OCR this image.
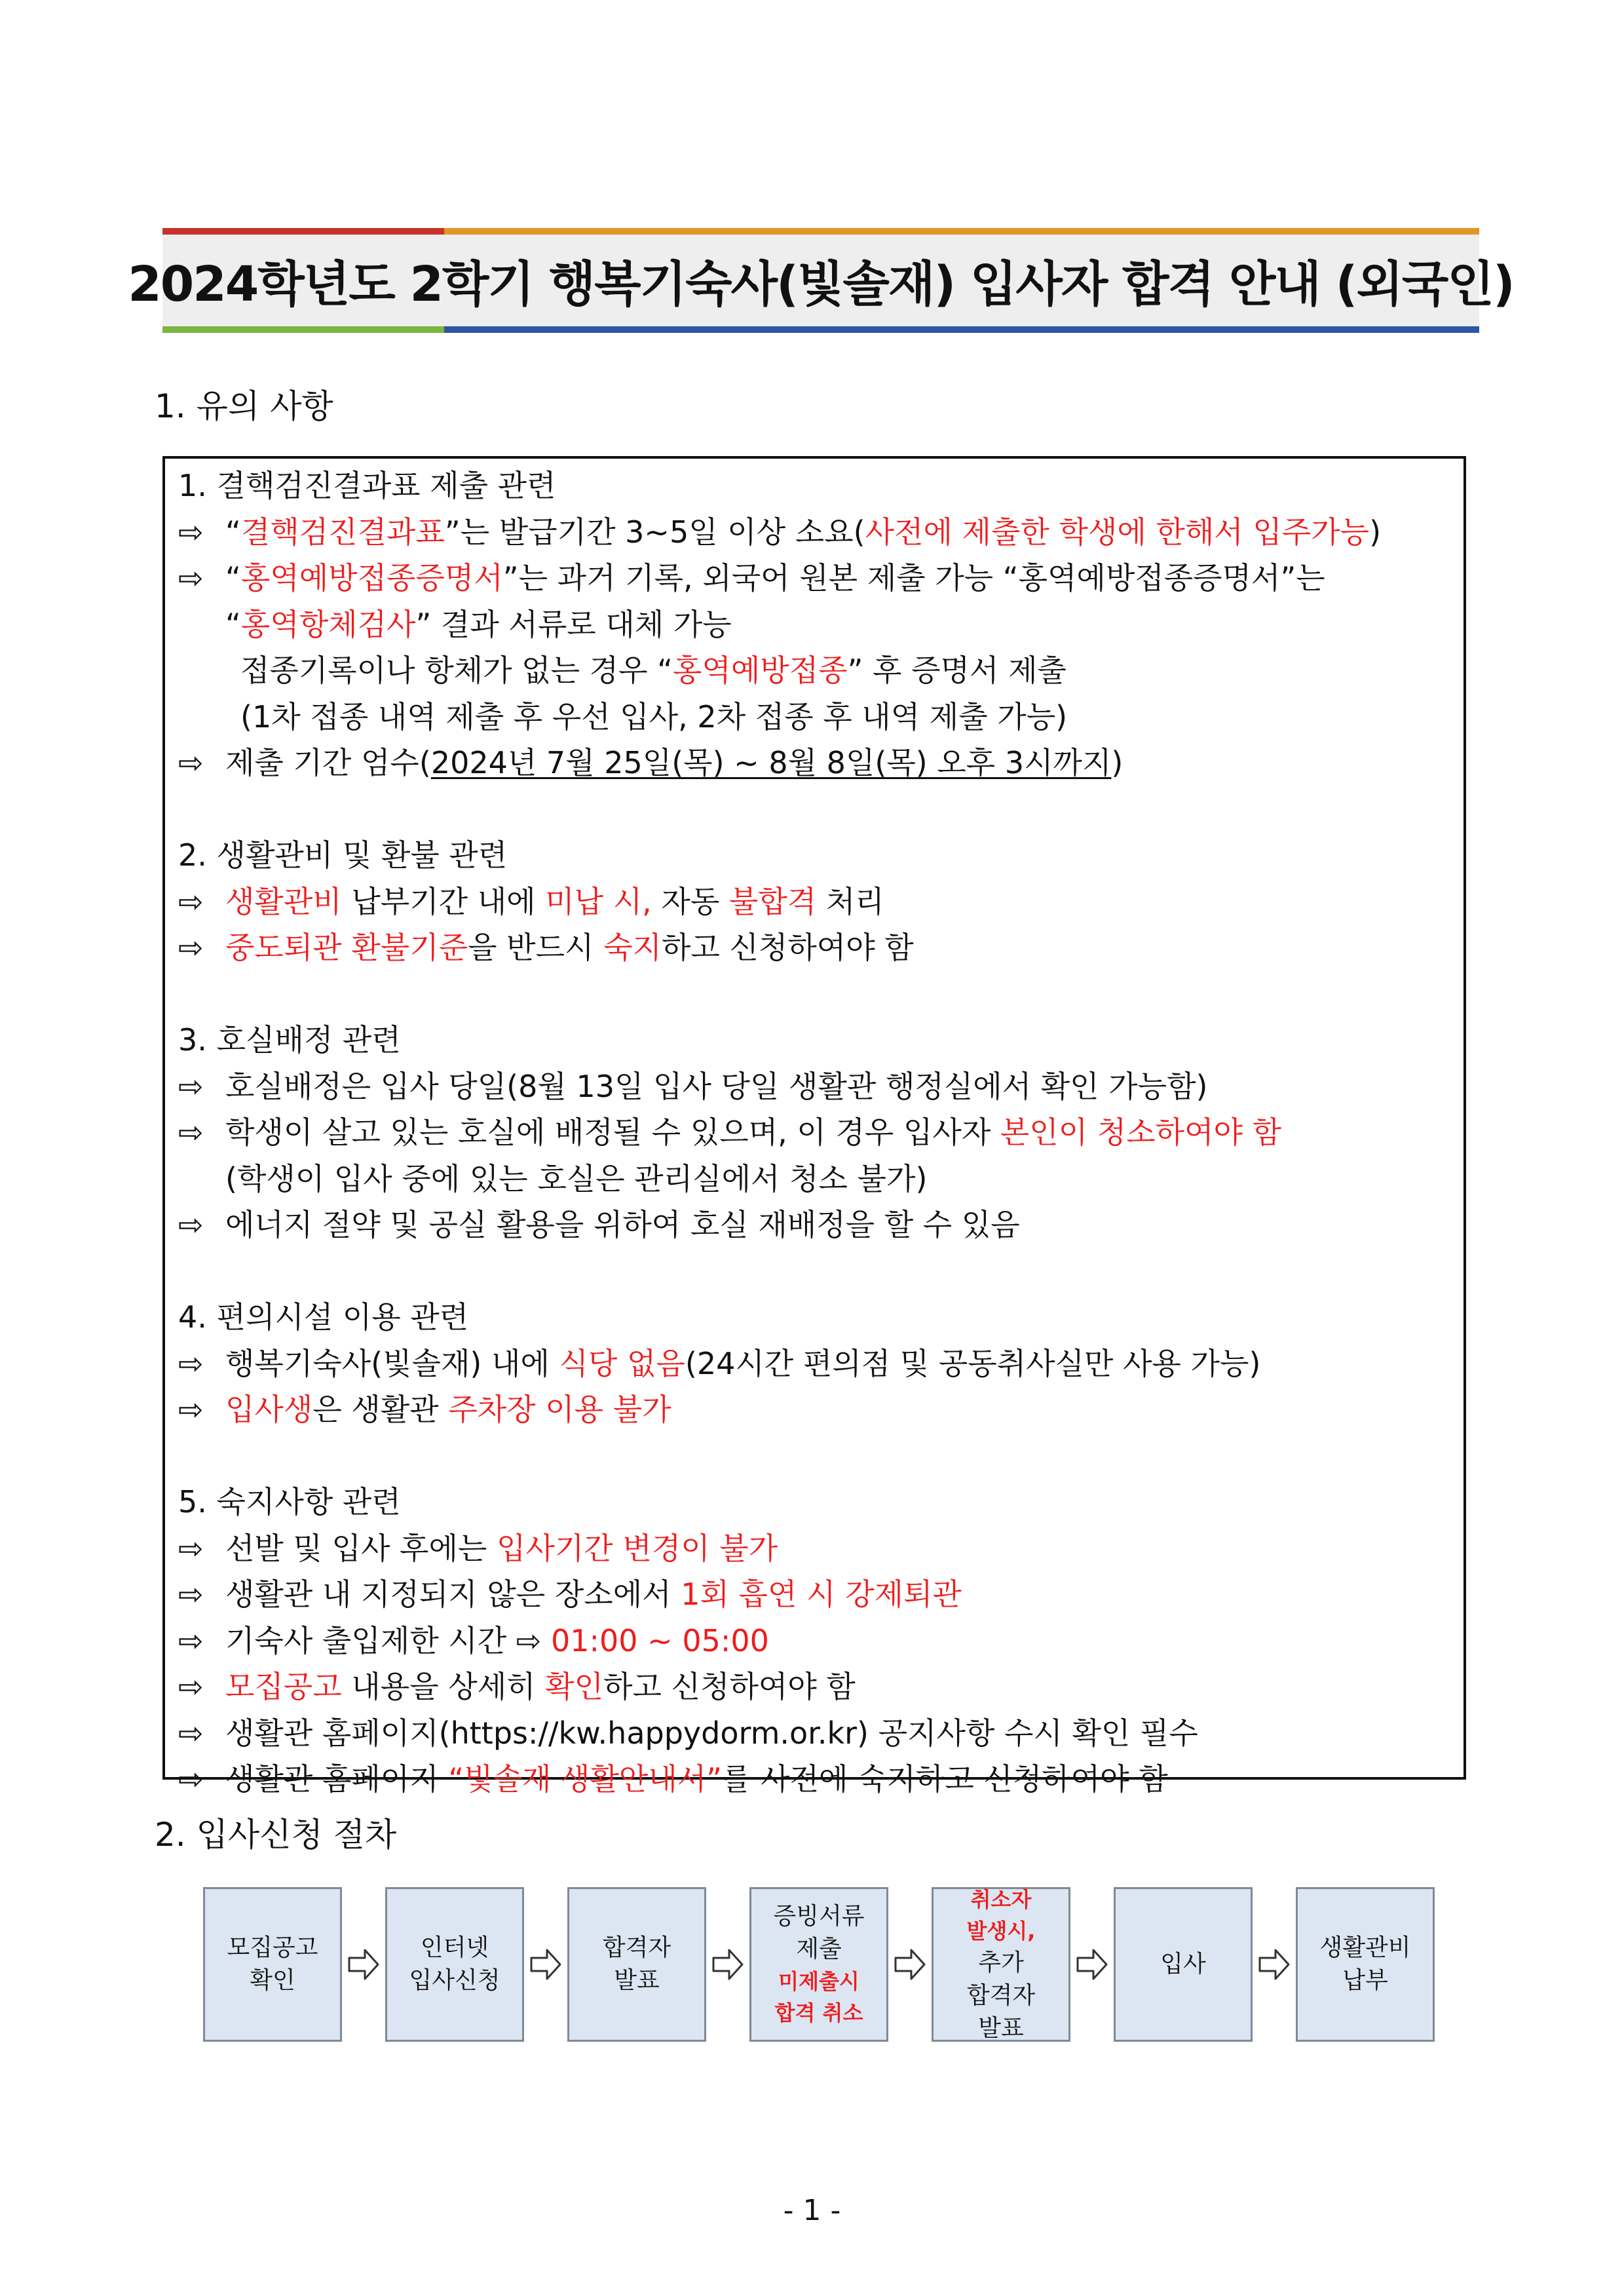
2024학년도 2학기 행복기숙사(빛솔재) 입사자 합격 안내 (외국인)
1. 유의 사항
1. 결핵검진결과표 제출 관련
⇨ “결핵검진결과표”는 발급기간 3~5일 이상 소요(사전에 제출한 학생에 한해서 입주가능)
⇨ “홍역예방접종증명서”는 과거 기록, 외국어 원본 제출 가능 “홍역예방접종증명서”는
“홍역항체검사” 결과 서류로 대체 가능
접종기록이나 항체가 없는 경우 “홍역예방접종” 후 증명서 제출
(1차 접종 내역 제출 후 우선 입사, 2차 접종 후 내역 제출 가능)
⇨ 제출 기간 엄수(2024년 7월 25일(목) ~ 8월 8일(목) 오후 3시까지)
2. 생활관비 및 환불 관련
⇨ 생활관비 납부기간 내에 미납 시, 자동 불합격 처리
⇨ 중도퇴관 환불기준을 반드시 숙지하고 신청하여야 함
3. 호실배정 관련
⇨ 호실배정은 입사 당일(8월 13일 입사 당일 생활관 행정실에서 확인 가능함)
⇨ 학생이 살고 있는 호실에 배정될 수 있으며, 이 경우 입사자 본인이 청소하여야 함
(학생이 입사 중에 있는 호실은 관리실에서 청소 불가)
⇨ 에너지 절약 및 공실 활용을 위하여 호실 재배정을 할 수 있음
4. 편의시설 이용 관련
⇨ 행복기숙사(빛솔재) 내에 식당 없음(24시간 편의점 및 공동취사실만 사용 가능)
⇨ 입사생은 생활관 주차장 이용 불가
5. 숙지사항 관련
⇨ 선발 및 입사 후에는 입사기간 변경이 불가
⇨ 생활관 내 지정되지 않은 장소에서 1회 흡연 시 강제퇴관
⇨ 기숙사 출입제한 시간 ⇨ 01:00 ~ 05:00
⇨ 모집공고 내용을 상세히 확인하고 신청하여야 함
⇨ 생활관 홈페이지(https://kw.happydorm.or.kr) 공지사항 수시 확인 필수
⇨ 생활관 홈페이지 “빛솔재 생활안내서”를 사전에 숙지하고 신청하여야 함
2. 입사신청 절차
모집공고
확인
인터넷
입사신청
합격자
발표
증빙서류
제출
미제출시
합격 취소
취소자
발생시,
추가
합격자
발표
입사
생활관비
납부
- 1 -
